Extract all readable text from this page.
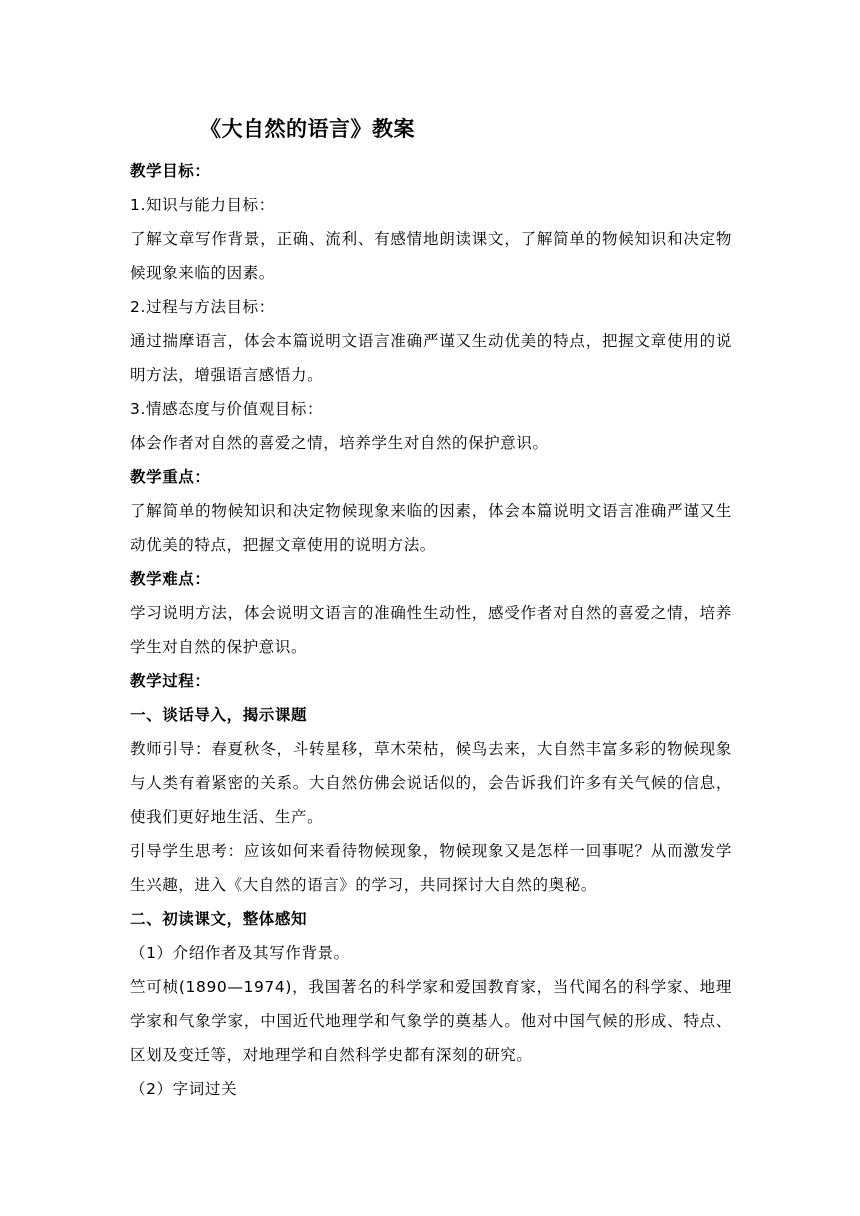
《大自然的语言》教案
教学目标：
1.知识与能力目标：
了解文章写作背景，正确、流利、有感情地朗读课文，了解简单的物候知识和决定物候现象来临的因素。
2.过程与方法目标：
通过揣摩语言，体会本篇说明文语言准确严谨又生动优美的特点，把握文章使用的说明方法，增强语言感悟力。
3.情感态度与价值观目标：
体会作者对自然的喜爱之情，培养学生对自然的保护意识。
教学重点：
了解简单的物候知识和决定物候现象来临的因素，体会本篇说明文语言准确严谨又生动优美的特点，把握文章使用的说明方法。
教学难点：
学习说明方法，体会说明文语言的准确性生动性，感受作者对自然的喜爱之情，培养学生对自然的保护意识。
教学过程：
一、谈话导入，揭示课题
教师引导：春夏秋冬，斗转星移，草木荣枯，候鸟去来，大自然丰富多彩的物候现象与人类有着紧密的关系。大自然仿佛会说话似的，会告诉我们许多有关气候的信息，使我们更好地生活、生产。
引导学生思考：应该如何来看待物候现象，物候现象又是怎样一回事呢？从而激发学生兴趣，进入《大自然的语言》的学习，共同探讨大自然的奥秘。
二、初读课文，整体感知
（1）介绍作者及其写作背景。
竺可桢(1890—1974)，我国著名的科学家和爱国教育家，当代闻名的科学家、地理学家和气象学家，中国近代地理学和气象学的奠基人。他对中国气候的形成、特点、区划及变迁等，对地理学和自然科学史都有深刻的研究。
（2）字词过关
